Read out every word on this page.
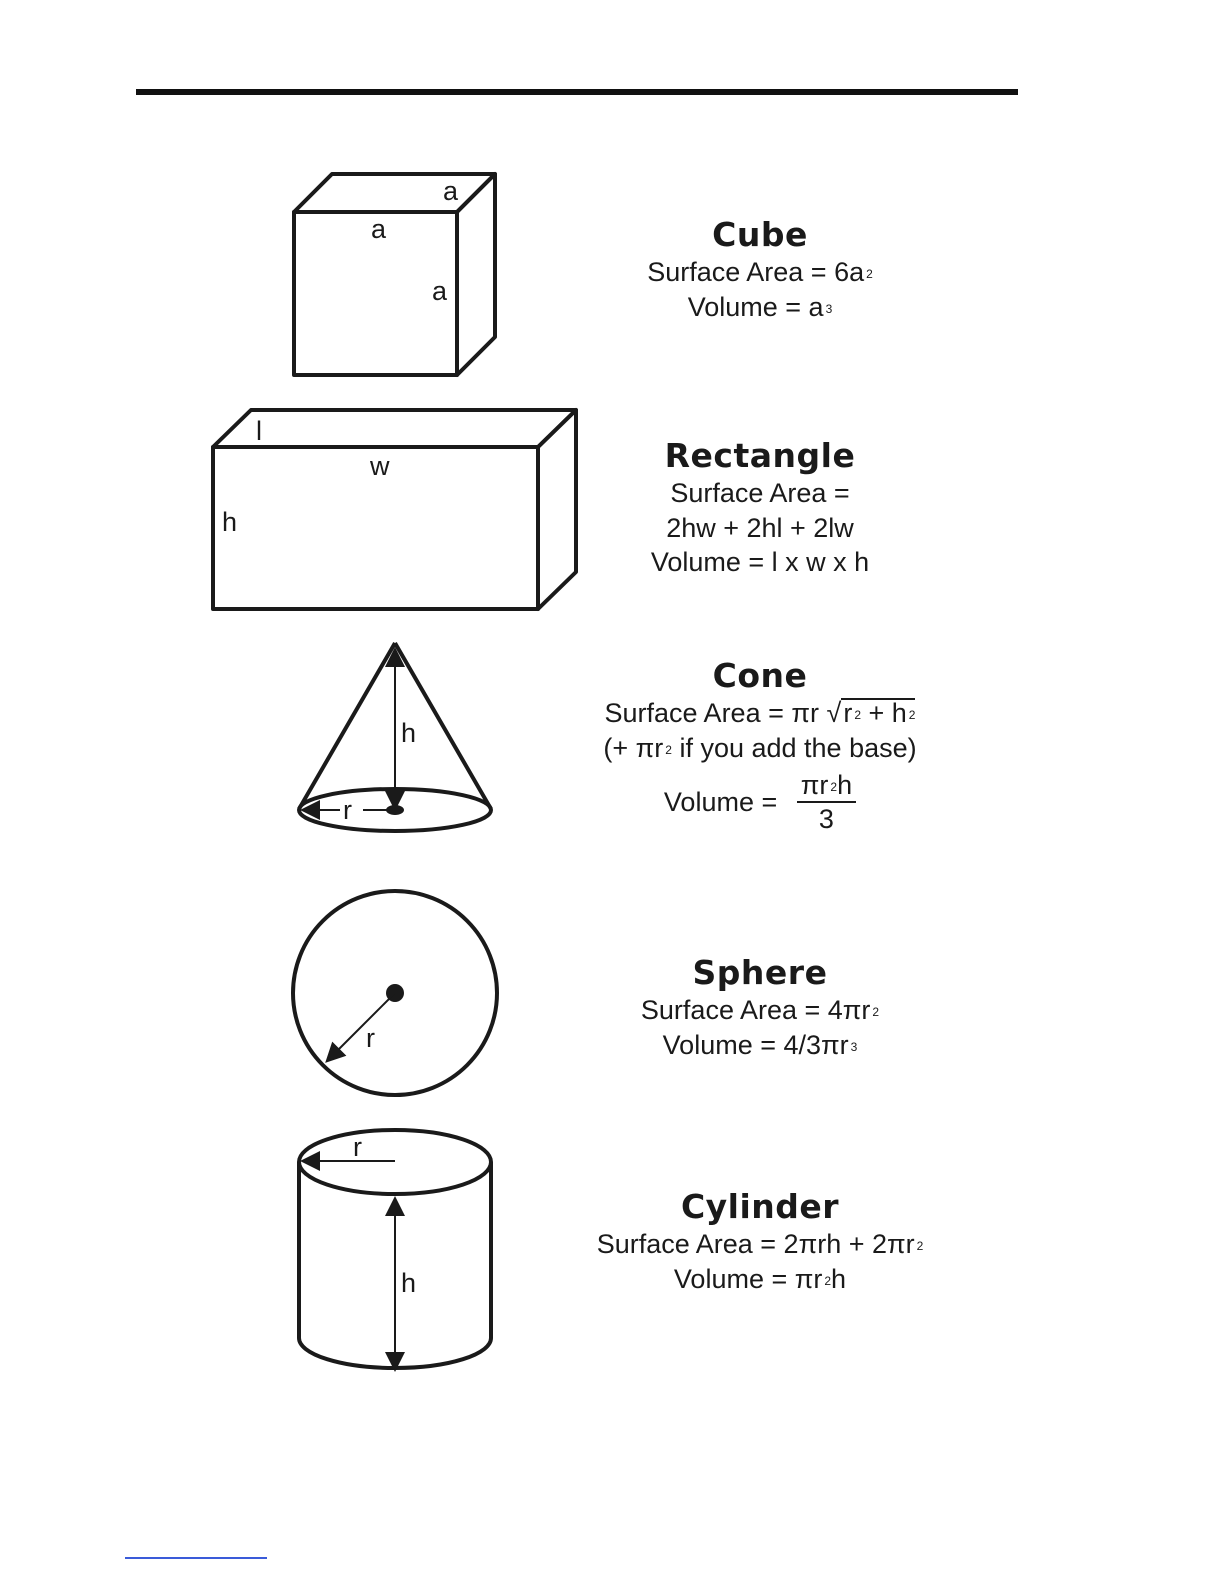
a
a
a
Cube
Surface Area = 6a $^2$
Volume = a $^3$
l
w
h
Rectangle
Surface Area =
2hw + 2hl + 2lw
Volume = l x w x h
h
r
Cone
Surface Area = πr √r $^2$ + h $^2$
(+ πr $^2$ if you add the base)
Volume = $\frac{\pi r ^2h}{3}$
r
Sphere
Surface Area = 4πr $^2$
Volume = 4/3πr $^3$
r
h
Cylinder
Surface Area = 2πrh + 2πr $^2$
Volume = πr $^2$h
